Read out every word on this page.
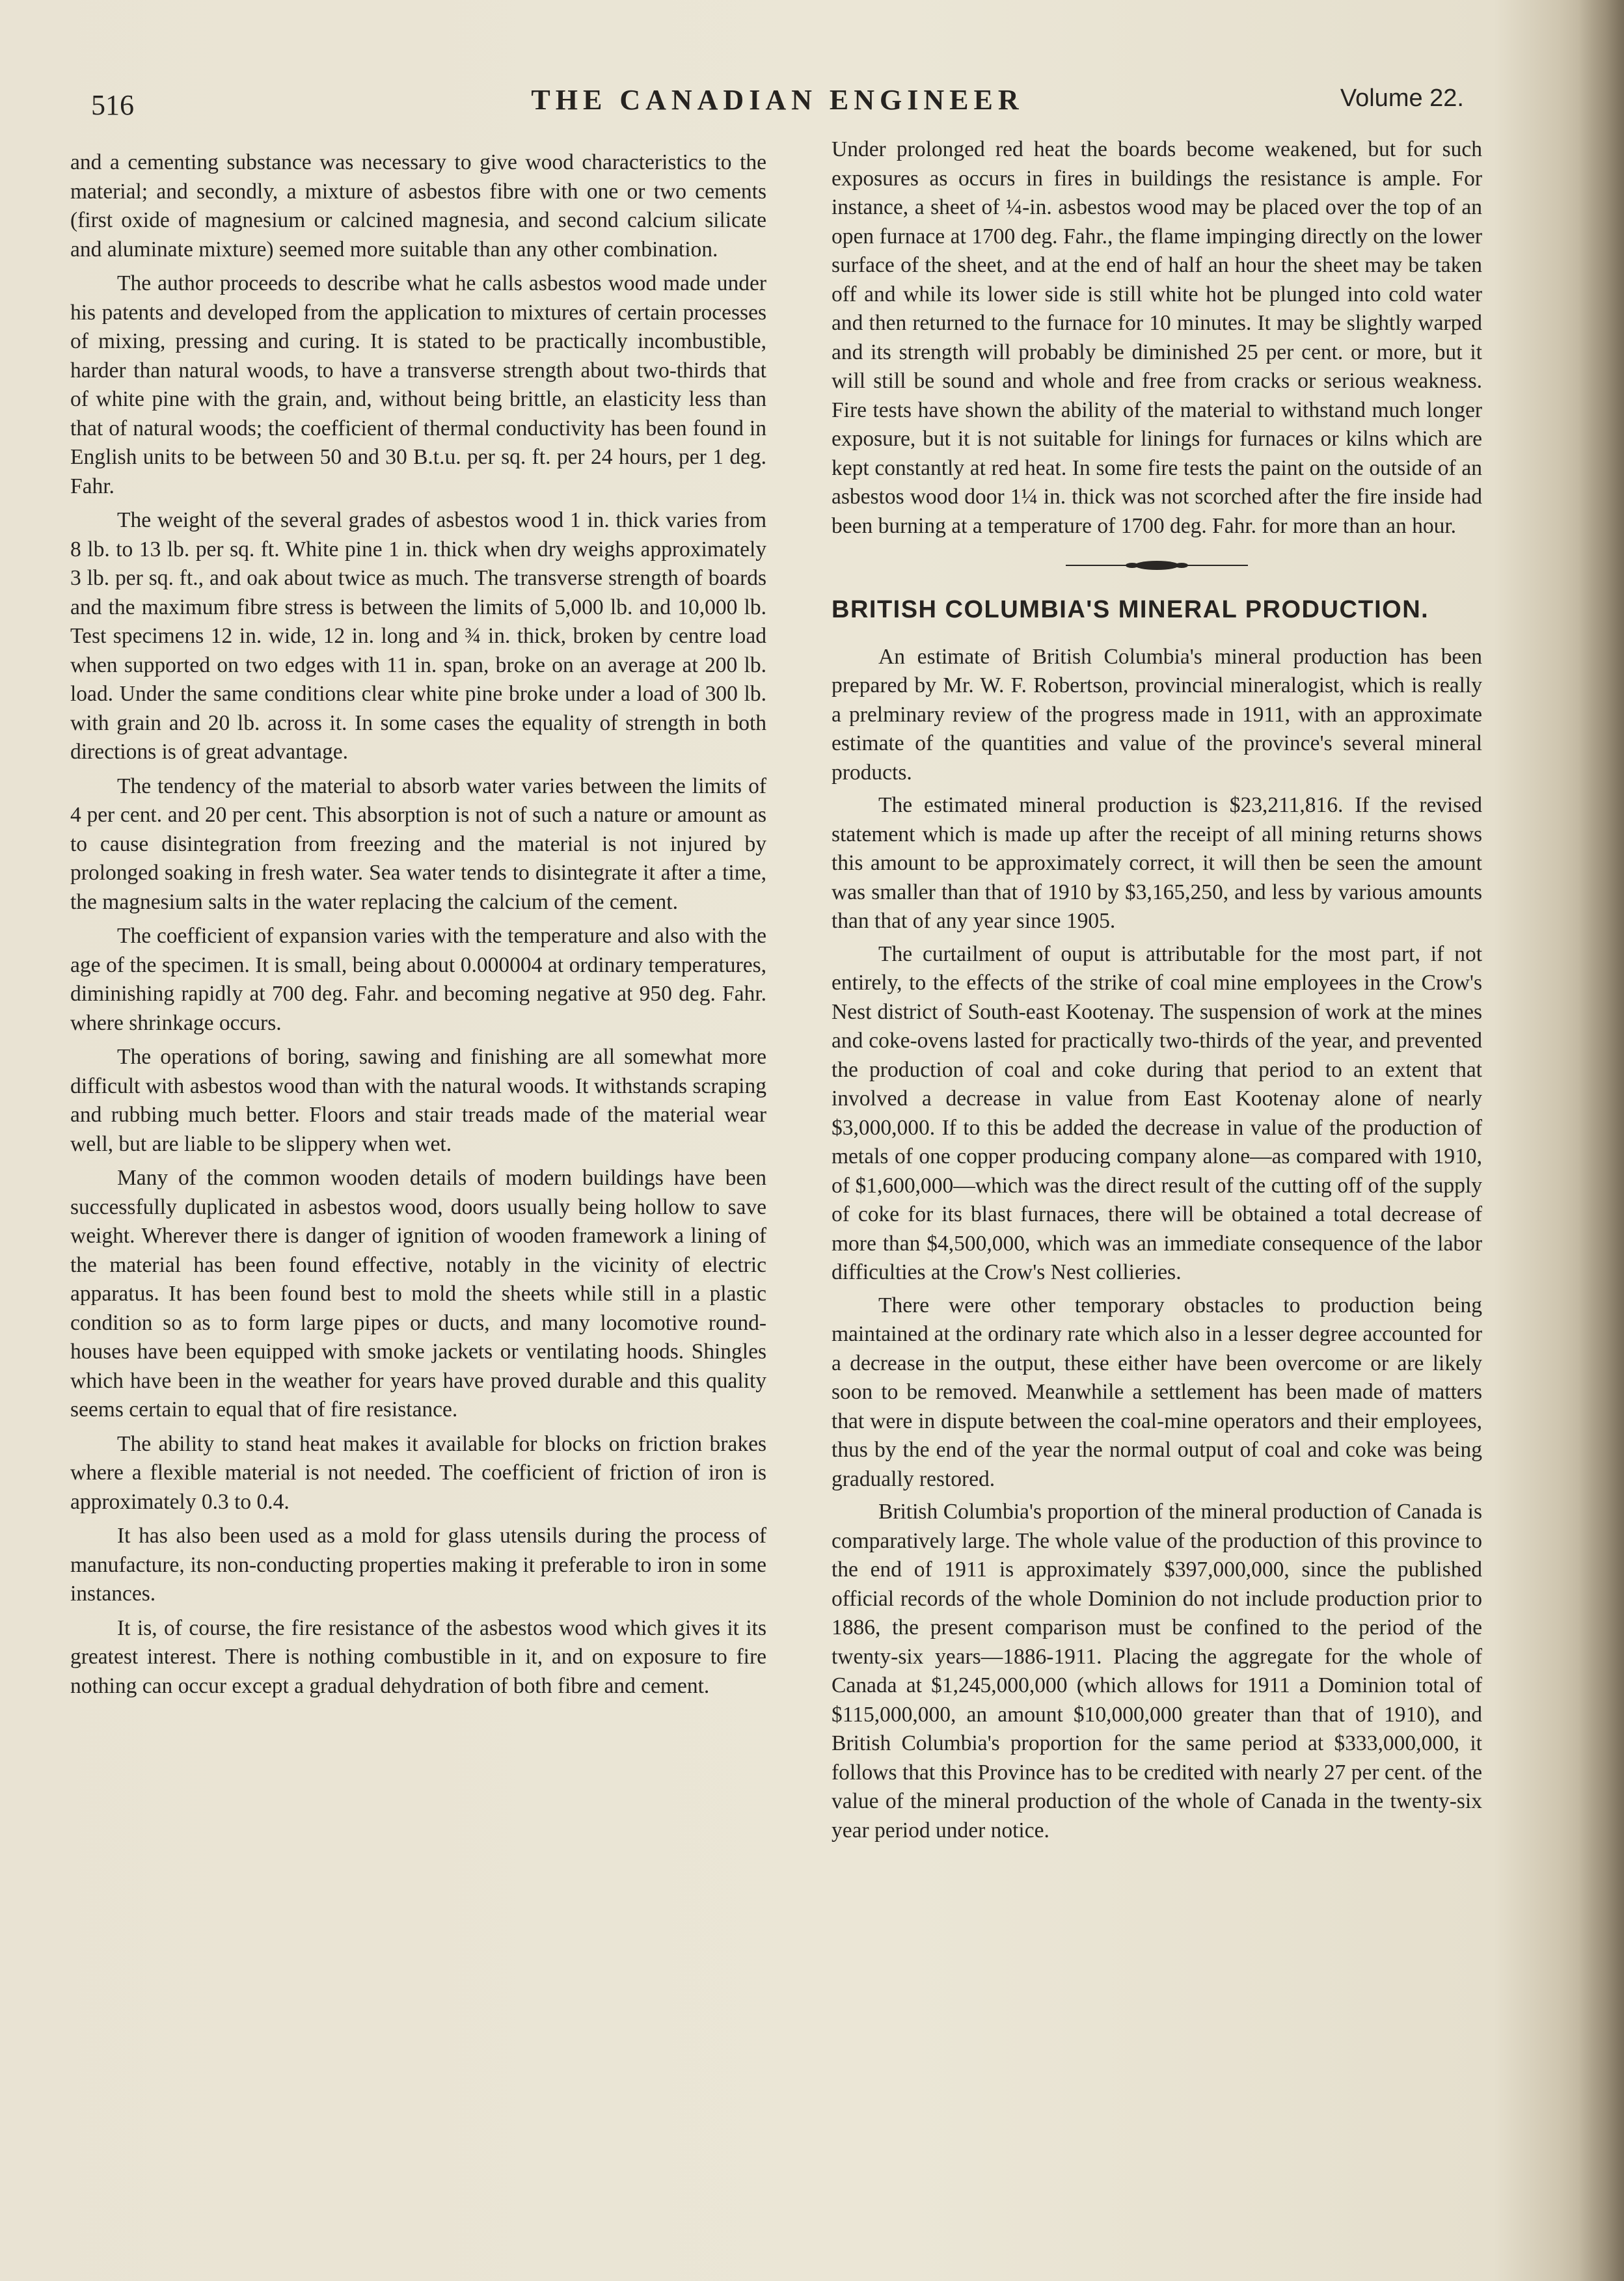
516	THE CANADIAN ENGINEER	Volume 22.

and a cementing substance was necessary to give wood characteristics to the material; and secondly, a mixture of asbestos fibre with one or two cements (first oxide of magnesium or calcined magnesia, and second calcium silicate and aluminate mixture) seemed more suitable than any other combination.

The author proceeds to describe what he calls asbestos wood made under his patents and developed from the application to mixtures of certain processes of mixing, pressing and curing. It is stated to be practically incombustible, harder than natural woods, to have a transverse strength about two-thirds that of white pine with the grain, and, without being brittle, an elasticity less than that of natural woods; the coefficient of thermal conductivity has been found in English units to be between 50 and 30 B.t.u. per sq. ft. per 24 hours, per 1 deg. Fahr.

The weight of the several grades of asbestos wood 1 in. thick varies from 8 lb. to 13 lb. per sq. ft. White pine 1 in. thick when dry weighs approximately 3 lb. per sq. ft., and oak about twice as much. The transverse strength of boards and the maximum fibre stress is between the limits of 5,000 lb. and 10,000 lb. Test specimens 12 in. wide, 12 in. long and ¾ in. thick, broken by centre load when supported on two edges with 11 in. span, broke on an average at 200 lb. load. Under the same conditions clear white pine broke under a load of 300 lb. with grain and 20 lb. across it. In some cases the equality of strength in both directions is of great advantage.

The tendency of the material to absorb water varies between the limits of 4 per cent. and 20 per cent. This absorption is not of such a nature or amount as to cause disintegration from freezing and the material is not injured by prolonged soaking in fresh water. Sea water tends to disintegrate it after a time, the magnesium salts in the water replacing the calcium of the cement.

The coefficient of expansion varies with the temperature and also with the age of the specimen. It is small, being about 0.000004 at ordinary temperatures, diminishing rapidly at 700 deg. Fahr. and becoming negative at 950 deg. Fahr. where shrinkage occurs.

The operations of boring, sawing and finishing are all somewhat more difficult with asbestos wood than with the natural woods. It withstands scraping and rubbing much better. Floors and stair treads made of the material wear well, but are liable to be slippery when wet.

Many of the common wooden details of modern buildings have been successfully duplicated in asbestos wood, doors usually being hollow to save weight. Wherever there is danger of ignition of wooden framework a lining of the material has been found effective, notably in the vicinity of electric apparatus. It has been found best to mold the sheets while still in a plastic condition so as to form large pipes or ducts, and many locomotive round-houses have been equipped with smoke jackets or ventilating hoods. Shingles which have been in the weather for years have proved durable and this quality seems certain to equal that of fire resistance.

The ability to stand heat makes it available for blocks on friction brakes where a flexible material is not needed. The coefficient of friction of iron is approximately 0.3 to 0.4.

It has also been used as a mold for glass utensils during the process of manufacture, its non-conducting properties making it preferable to iron in some instances.

It is, of course, the fire resistance of the asbestos wood which gives it its greatest interest. There is nothing combustible in it, and on exposure to fire nothing can occur except a gradual dehydration of both fibre and cement.

Under prolonged red heat the boards become weakened, but for such exposures as occurs in fires in buildings the resistance is ample. For instance, a sheet of ¼-in. asbestos wood may be placed over the top of an open furnace at 1700 deg. Fahr., the flame impinging directly on the lower surface of the sheet, and at the end of half an hour the sheet may be taken off and while its lower side is still white hot be plunged into cold water and then returned to the furnace for 10 minutes. It may be slightly warped and its strength will probably be diminished 25 per cent. or more, but it will still be sound and whole and free from cracks or serious weakness. Fire tests have shown the ability of the material to withstand much longer exposure, but it is not suitable for linings for furnaces or kilns which are kept constantly at red heat. In some fire tests the paint on the outside of an asbestos wood door 1¼ in. thick was not scorched after the fire inside had been burning at a temperature of 1700 deg. Fahr. for more than an hour.

BRITISH COLUMBIA'S MINERAL PRODUCTION.

An estimate of British Columbia's mineral production has been prepared by Mr. W. F. Robertson, provincial mineralogist, which is really a prelminary review of the progress made in 1911, with an approximate estimate of the quantities and value of the province's several mineral products.

The estimated mineral production is $23,211,816. If the revised statement which is made up after the receipt of all mining returns shows this amount to be approximately correct, it will then be seen the amount was smaller than that of 1910 by $3,165,250, and less by various amounts than that of any year since 1905.

The curtailment of ouput is attributable for the most part, if not entirely, to the effects of the strike of coal mine employees in the Crow's Nest district of South-east Kootenay. The suspension of work at the mines and coke-ovens lasted for practically two-thirds of the year, and prevented the production of coal and coke during that period to an extent that involved a decrease in value from East Kootenay alone of nearly $3,000,000. If to this be added the decrease in value of the production of metals of one copper producing company alone—as compared with 1910, of $1,600,000—which was the direct result of the cutting off of the supply of coke for its blast furnaces, there will be obtained a total decrease of more than $4,500,000, which was an immediate consequence of the labor difficulties at the Crow's Nest collieries.

There were other temporary obstacles to production being maintained at the ordinary rate which also in a lesser degree accounted for a decrease in the output, these either have been overcome or are likely soon to be removed. Meanwhile a settlement has been made of matters that were in dispute between the coal-mine operators and their employees, thus by the end of the year the normal output of coal and coke was being gradually restored.

British Columbia's proportion of the mineral production of Canada is comparatively large. The whole value of the production of this province to the end of 1911 is approximately $397,000,000, since the published official records of the whole Dominion do not include production prior to 1886, the present comparison must be confined to the period of the twenty-six years—1886-1911. Placing the aggregate for the whole of Canada at $1,245,000,000 (which allows for 1911 a Dominion total of $115,000,000, an amount $10,000,000 greater than that of 1910), and British Columbia's proportion for the same period at $333,000,000, it follows that this Province has to be credited with nearly 27 per cent. of the value of the mineral production of the whole of Canada in the twenty-six year period under notice.
